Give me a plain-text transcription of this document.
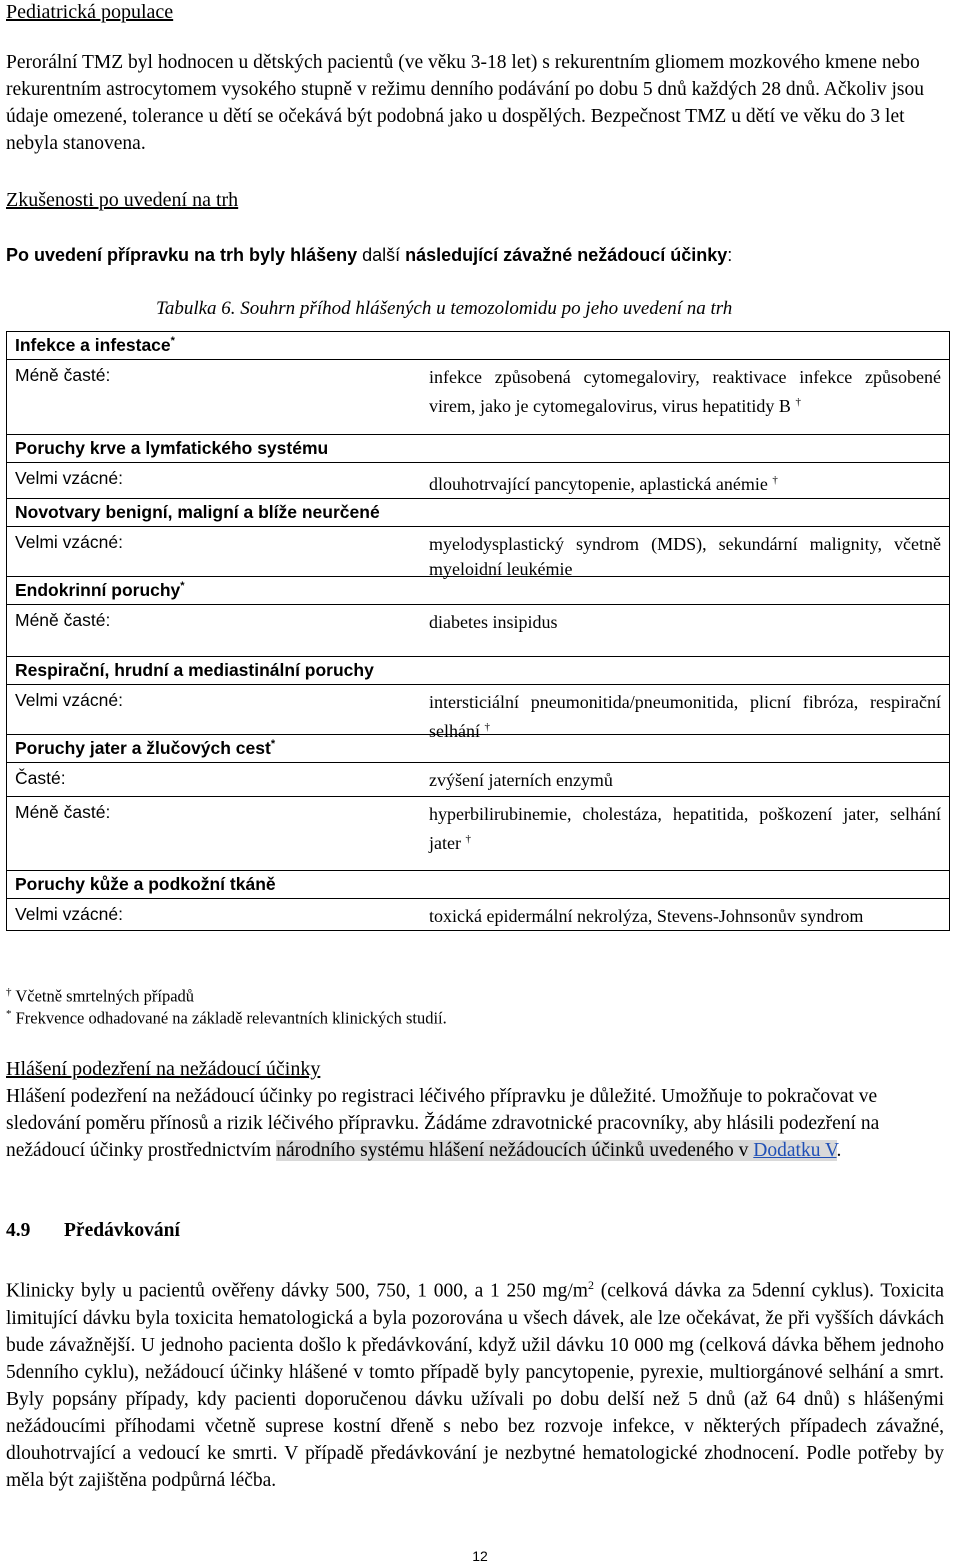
Pediatrická populace
Perorální TMZ byl hodnocen u dětských pacientů (ve věku 3-18 let) s rekurentním gliomem mozkového kmene nebo rekurentním astrocytomem vysokého stupně v režimu denního podávání po dobu 5 dnů každých 28 dnů. Ačkoliv jsou údaje omezené, tolerance u dětí se očekává být podobná jako u dospělých. Bezpečnost TMZ u dětí ve věku do 3 let nebyla stanovena.
Zkušenosti po uvedení na trh
Po uvedení přípravku na trh byly hlášeny další následující závažné nežádoucí účinky:
Tabulka 6. Souhrn příhod hlášených u temozolomidu po jeho uvedení na trh
Infekce a infestace*
Méně časté:	infekce způsobená cytomegaloviry, reaktivace infekce způsobené virem, jako je cytomegalovirus, virus hepatitidy B †
Poruchy krve a lymfatického systému
Velmi vzácné:	dlouhotrvající pancytopenie, aplastická anémie †
Novotvary benigní, maligní a blíže neurčené
Velmi vzácné:	myelodysplastický syndrom (MDS), sekundární malignity, včetně myeloidní leukémie
Endokrinní poruchy*
Méně časté:	diabetes insipidus
Respirační, hrudní a mediastinální poruchy
Velmi vzácné:	intersticiální pneumonitida/pneumonitida, plicní fibróza, respirační selhání †
Poruchy jater a žlučových cest*
Časté:	zvýšení jaterních enzymů
Méně časté:	hyperbilirubinemie, cholestáza, hepatitida, poškození jater, selhání jater †
Poruchy kůže a podkožní tkáně
Velmi vzácné:	toxická epidermální nekrolýza, Stevens-Johnsonův syndrom
† Včetně smrtelných případů
* Frekvence odhadované na základě relevantních klinických studií.
Hlášení podezření na nežádoucí účinky
Hlášení podezření na nežádoucí účinky po registraci léčivého přípravku je důležité. Umožňuje to pokračovat ve sledování poměru přínosů a rizik léčivého přípravku. Žádáme zdravotnické pracovníky, aby hlásili podezření na nežádoucí účinky prostřednictvím národního systému hlášení nežádoucích účinků uvedeného v Dodatku V.
4.9 Předávkování
Klinicky byly u pacientů ověřeny dávky 500, 750, 1 000, a 1 250 $mg/m^2$ (celková dávka za 5denní cyklus). Toxicita limitující dávku byla toxicita hematologická a byla pozorována u všech dávek, ale lze očekávat, že při vyšších dávkách bude závažnější. U jednoho pacienta došlo k předávkování, když užil dávku 10 000 mg (celková dávka během jednoho 5denního cyklu), nežádoucí účinky hlášené v tomto případě byly pancytopenie, pyrexie, multiorgánové selhání a smrt. Byly popsány případy, kdy pacienti doporučenou dávku užívali po dobu delší než 5 dnů (až 64 dnů) s hlášenými nežádoucími příhodami včetně suprese kostní dřeně s nebo bez rozvoje infekce, v některých případech závažné, dlouhotrvající a vedoucí ke smrti. V případě předávkování je nezbytné hematologické zhodnocení. Podle potřeby by měla být zajištěna podpůrná léčba.
12
